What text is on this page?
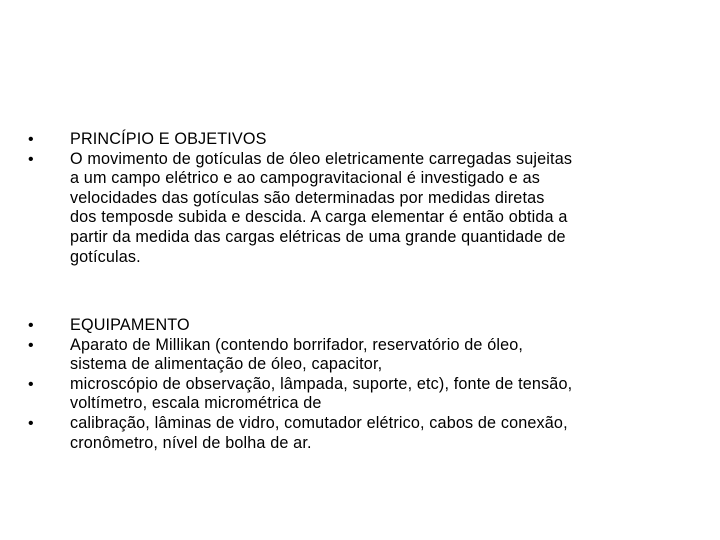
•	PRINCÍPIO E OBJETIVOS
•	O movimento de gotículas de óleo eletricamente carregadas sujeitas
a um campo elétrico e ao campogravitacional é investigado e as
velocidades das gotículas são determinadas por medidas diretas
dos temposde subida e descida. A carga elementar é então obtida a
partir da medida das cargas elétricas de uma grande quantidade de
gotículas.
•	EQUIPAMENTO
•	Aparato de Millikan (contendo borrifador, reservatório de óleo,
sistema de alimentação de óleo, capacitor,
•	microscópio de observação, lâmpada, suporte, etc), fonte de tensão,
voltímetro, escala micrométrica de
•	calibração, lâminas de vidro, comutador elétrico, cabos de conexão,
cronômetro, nível de bolha de ar.
